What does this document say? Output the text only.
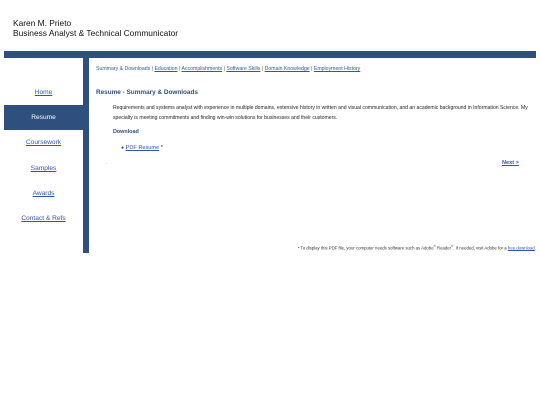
Karen M. Prieto
Business Analyst & Technical Communicator
Home
Resume
Coursework
Samples
Awards
Contact & Refs
Summary & Downloads | Education | Accomplishments | Software Skills | Domain Knowledge | Employment History
Resume - Summary & Downloads
Requirements and systems analyst with experience in multiple domains, extensive history in written and visual communication, and an academic background in Information Science. My specialty is meeting commitments and finding win-win solutions for businesses and their customers.
Download
● PDF Resume *
.	Next >
* To display this PDF file, your computer needs software such as Adobe® Reader®. If needed, visit Adobe for a free download.
